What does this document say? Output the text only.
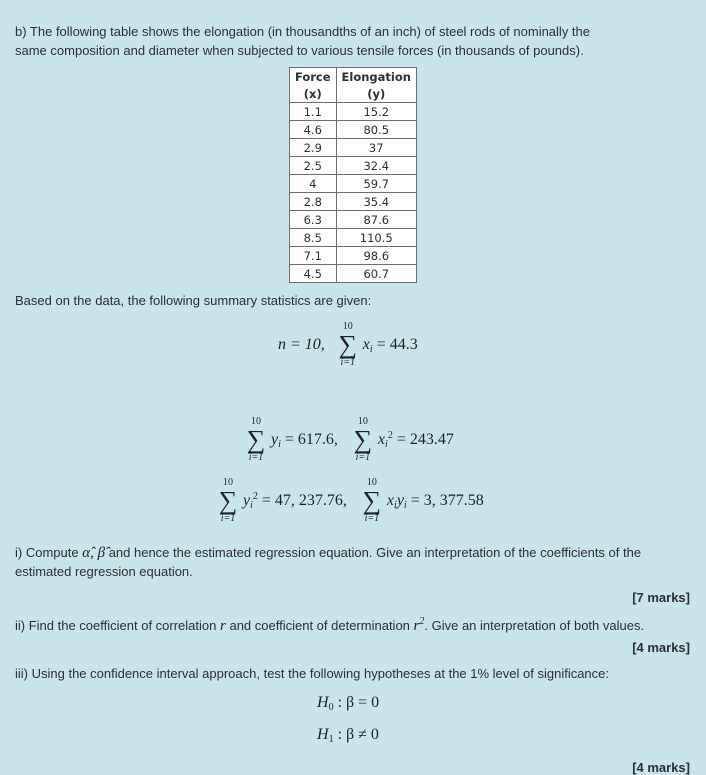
b) The following table shows the elongation (in thousandths of an inch) of steel rods of nominally the
same composition and diameter when subjected to various tensile forces (in thousands of pounds).
Force	Elongation
(x)	(y)
1.1	15.2
4.6	80.5
2.9	37
2.5	32.4
4	59.7
2.8	35.4
6.3	87.6
8.5	110.5
7.1	98.6
4.5	60.7
Based on the data, the following summary statistics are given:
n = 10,
10
∑
i=1
$x_i = 44.3$
10
∑
i=1
$y_i = 617.6$,
10
∑
i=1
$x_i^2 = 243.47$
10
∑
i=1
$y_i^2 = 47$, 237.76,
10
∑
i=1
$x_iy_i = 3$, 377.58
i) Compute α̂, β̂ and hence the estimated regression equation. Give an interpretation of the coefficients of the
estimated regression equation.
[7 marks]
ii) Find the coefficient of correlation r and coefficient of determination $r^2$. Give an interpretation of both values.
[4 marks]
iii) Using the confidence interval approach, test the following hypotheses at the 1% level of significance:
$H_0$ : β = 0
$H_1$ : β ≠ 0
[4 marks]
